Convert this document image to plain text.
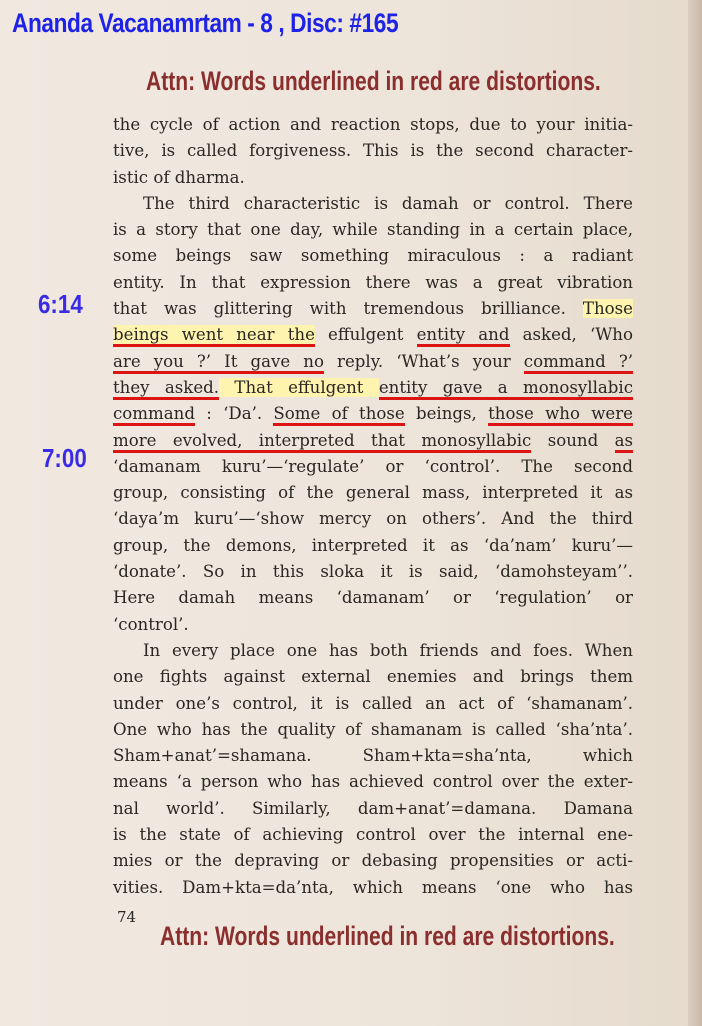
Ananda Vacanamrtam - 8 , Disc: #165
Attn: Words underlined in red are distortions.
6:14
7:00
the cycle of action and reaction stops, due to your initia-
tive, is called forgiveness. This is the second character-
istic of dharma.
The third characteristic is damah or control. There
is a story that one day, while standing in a certain place,
some beings saw something miraculous : a radiant
entity. In that expression there was a great vibration
that was glittering with tremendous brilliance. Those
beings went near the effulgent entity and asked, ‘Who
are you ?’ It gave no reply. ‘What’s your command ?’
they asked. That effulgent entity gave a monosyllabic
command : ‘Da’. Some of those beings, those who were
more evolved, interpreted that monosyllabic sound as
‘damanam kuru’—‘regulate’ or ‘control’. The second
group, consisting of the general mass, interpreted it as
‘daya’m kuru’—‘show mercy on others’. And the third
group, the demons, interpreted it as ‘da’nam’ kuru’—
‘donate’. So in this sloka it is said, ‘damohsteyam’’.
Here damah means ‘damanam’ or ‘regulation’ or
‘control’.
In every place one has both friends and foes. When
one fights against external enemies and brings them
under one’s control, it is called an act of ‘shamanam’.
One who has the quality of shamanam is called ‘sha’nta’.
Sham+anat’=shamana. Sham+kta=sha’nta, which
means ‘a person who has achieved control over the exter-
nal world’. Similarly, dam+anat’=damana. Damana
is the state of achieving control over the internal ene-
mies or the depraving or debasing propensities or acti-
vities. Dam+kta=da’nta, which means ‘one who has
74
Attn: Words underlined in red are distortions.
